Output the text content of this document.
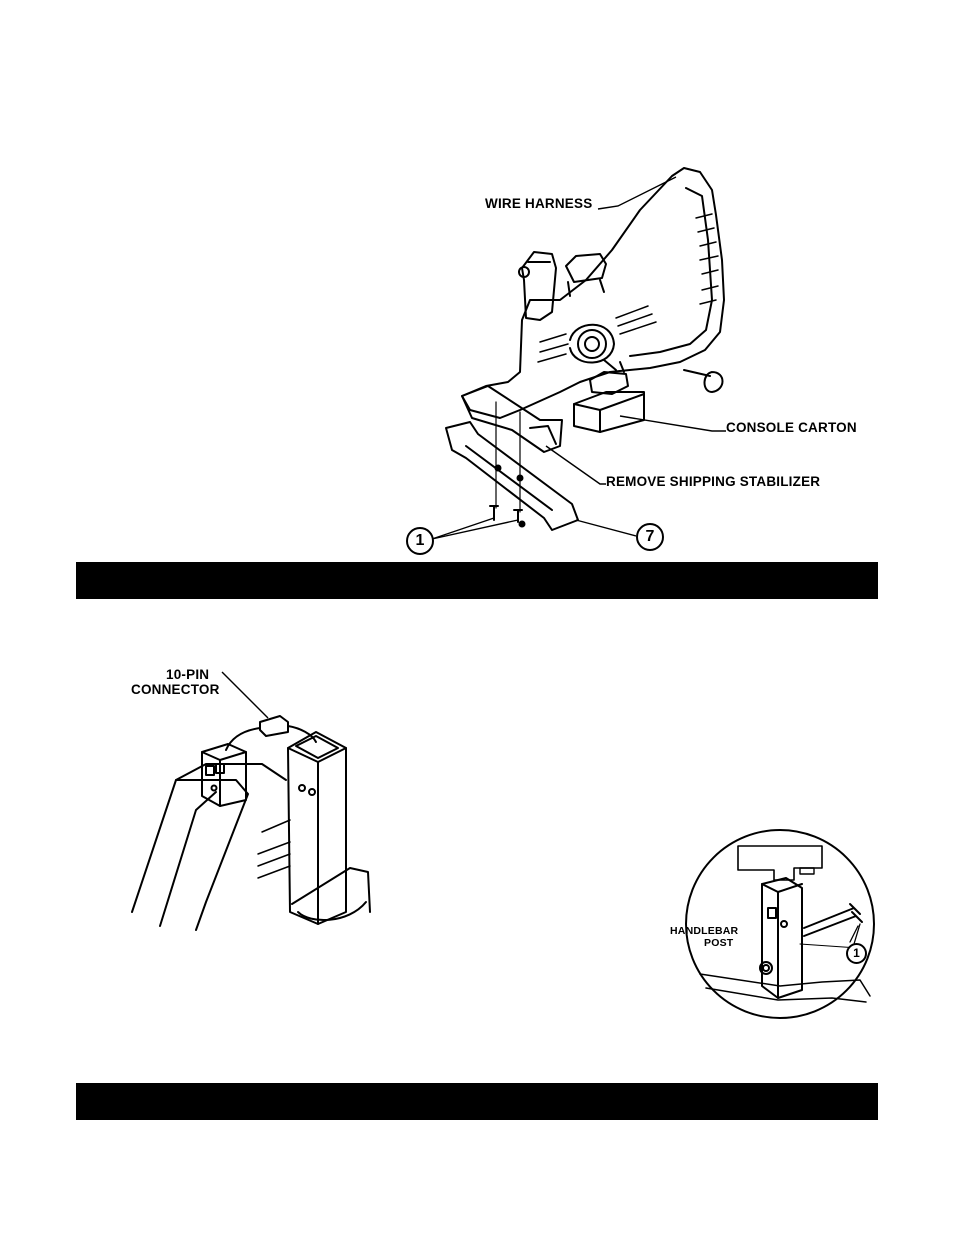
WIRE HARNESS
CONSOLE CARTON
REMOVE SHIPPING STABILIZER
1	7
10-PIN
CONNECTOR
HANDLEBAR
POST
1
